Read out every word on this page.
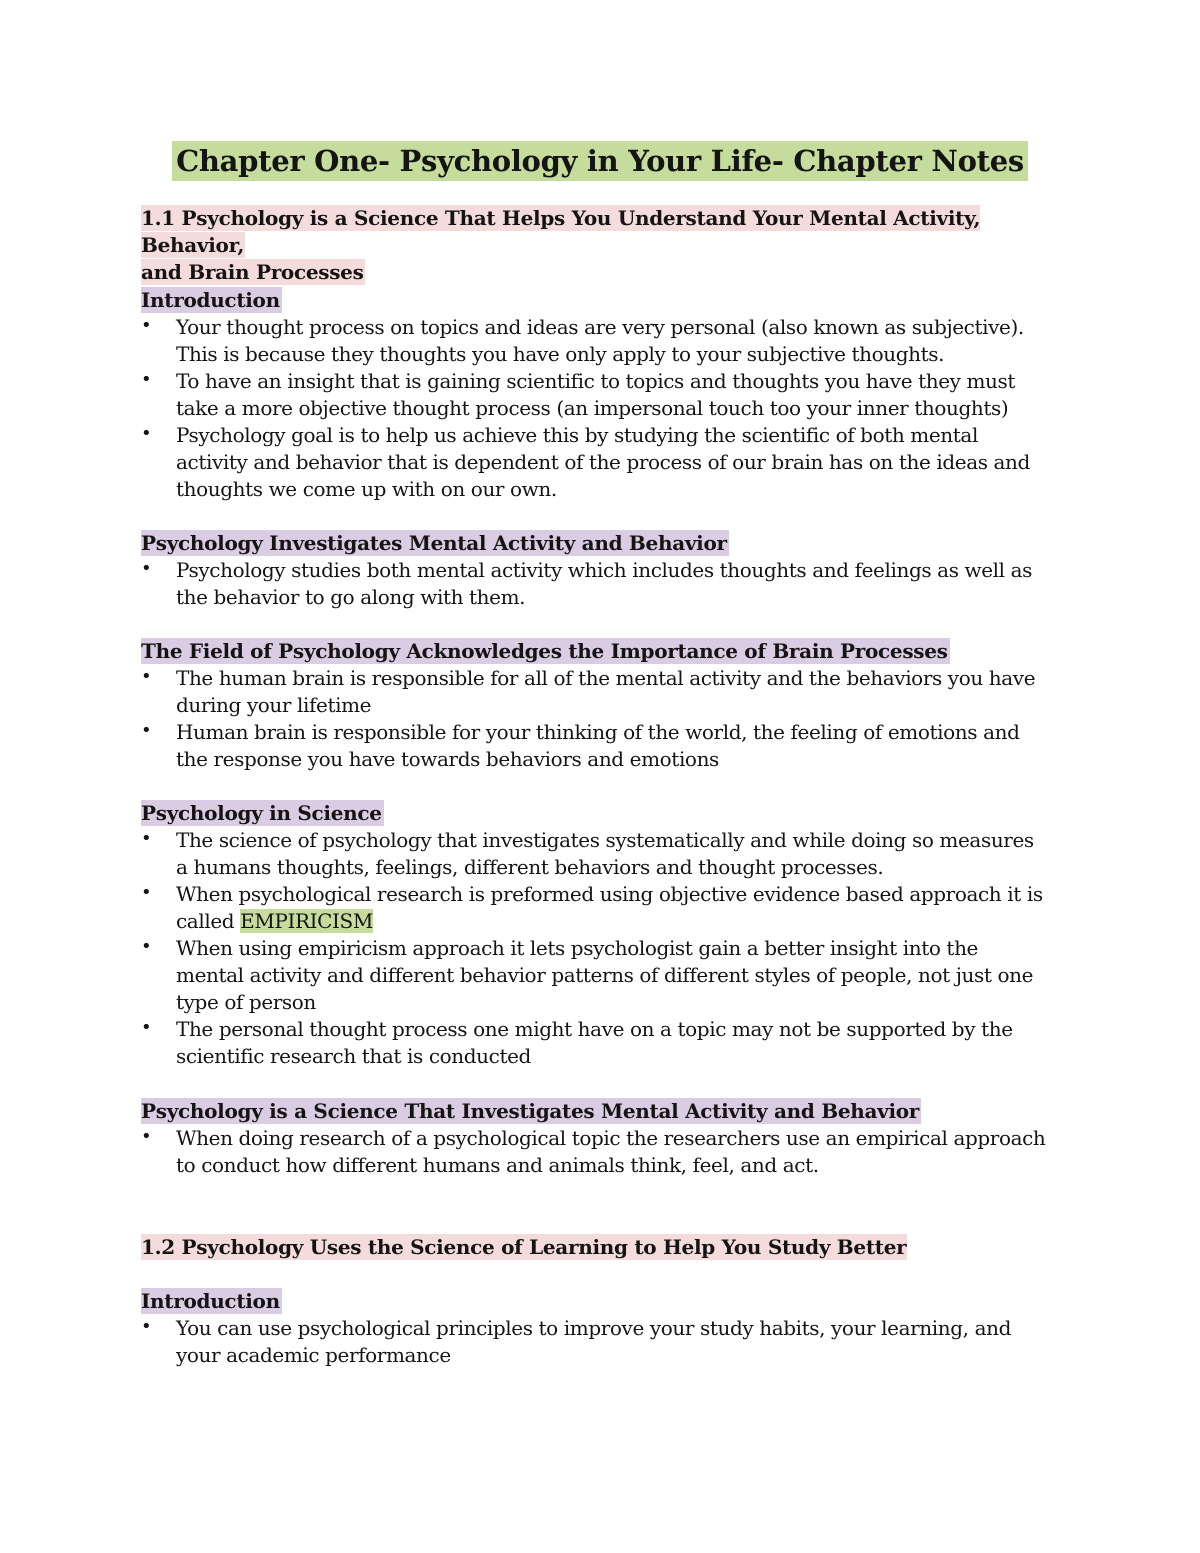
Chapter One- Psychology in Your Life- Chapter Notes
1.1 Psychology is a Science That Helps You Understand Your Mental Activity, Behavior,
and Brain Processes
Introduction
• Your thought process on topics and ideas are very personal (also known as subjective). This is because they thoughts you have only apply to your subjective thoughts.
• To have an insight that is gaining scientific to topics and thoughts you have they must take a more objective thought process (an impersonal touch too your inner thoughts)
• Psychology goal is to help us achieve this by studying the scientific of both mental activity and behavior that is dependent of the process of our brain has on the ideas and thoughts we come up with on our own.
Psychology Investigates Mental Activity and Behavior
• Psychology studies both mental activity which includes thoughts and feelings as well as the behavior to go along with them.
The Field of Psychology Acknowledges the Importance of Brain Processes
• The human brain is responsible for all of the mental activity and the behaviors you have during your lifetime
• Human brain is responsible for your thinking of the world, the feeling of emotions and the response you have towards behaviors and emotions
Psychology in Science
• The science of psychology that investigates systematically and while doing so measures a humans thoughts, feelings, different behaviors and thought processes.
• When psychological research is preformed using objective evidence based approach it is called EMPIRICISM
• When using empiricism approach it lets psychologist gain a better insight into the mental activity and different behavior patterns of different styles of people, not just one type of person
• The personal thought process one might have on a topic may not be supported by the scientific research that is conducted
Psychology is a Science That Investigates Mental Activity and Behavior
• When doing research of a psychological topic the researchers use an empirical approach to conduct how different humans and animals think, feel, and act.
1.2 Psychology Uses the Science of Learning to Help You Study Better
Introduction
• You can use psychological principles to improve your study habits, your learning, and your academic performance
